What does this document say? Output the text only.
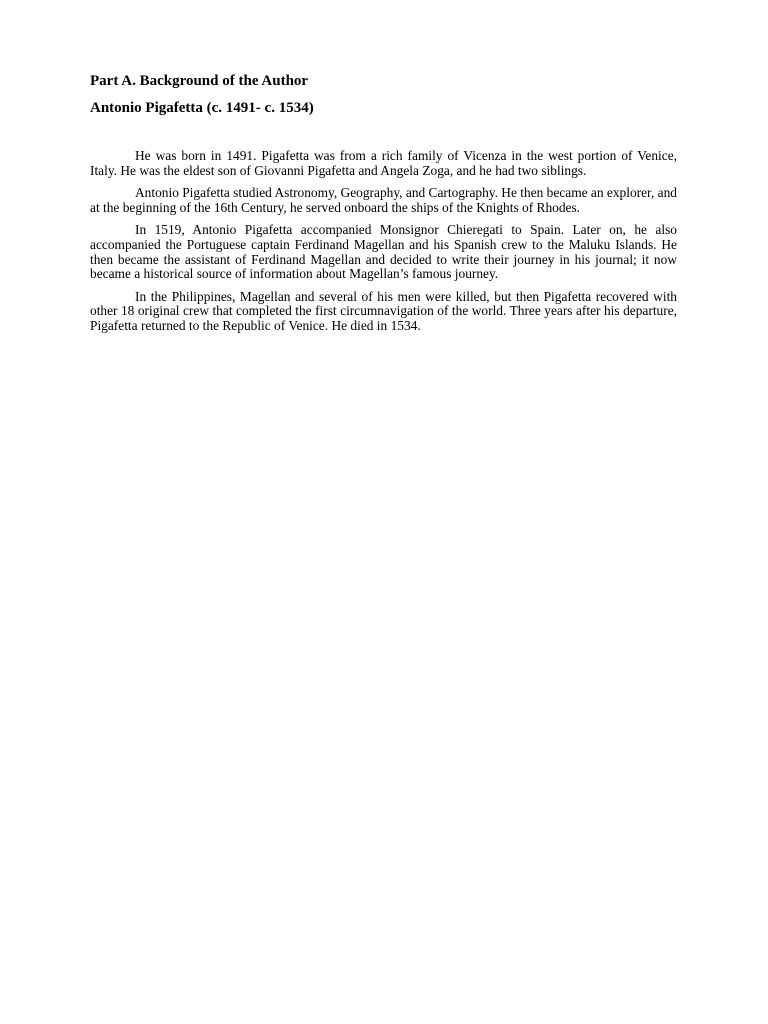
Part A. Background of the Author
Antonio Pigafetta (c. 1491- c. 1534)

He was born in 1491. Pigafetta was from a rich family of Vicenza in the west portion of Venice, Italy. He was the eldest son of Giovanni Pigafetta and Angela Zoga, and he had two siblings.

Antonio Pigafetta studied Astronomy, Geography, and Cartography. He then became an explorer, and at the beginning of the 16th Century, he served onboard the ships of the Knights of Rhodes.

In 1519, Antonio Pigafetta accompanied Monsignor Chieregati to Spain. Later on, he also accompanied the Portuguese captain Ferdinand Magellan and his Spanish crew to the Maluku Islands. He then became the assistant of Ferdinand Magellan and decided to write their journey in his journal; it now became a historical source of information about Magellan’s famous journey.

In the Philippines, Magellan and several of his men were killed, but then Pigafetta recovered with other 18 original crew that completed the first circumnavigation of the world. Three years after his departure, Pigafetta returned to the Republic of Venice. He died in 1534.
